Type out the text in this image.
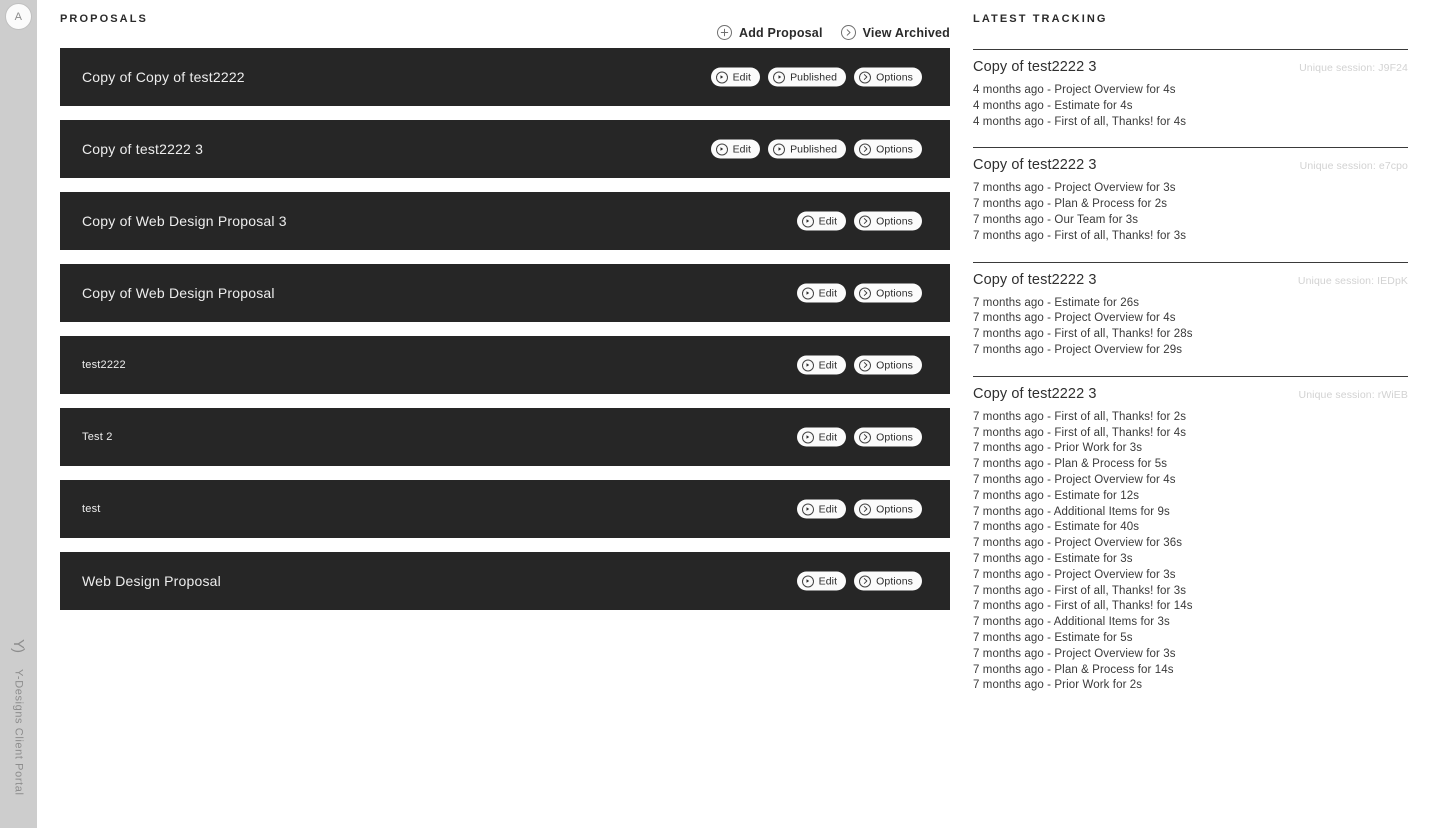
A
Y)
Y-Designs Client Portal
PROPOSALS
Add Proposal	View Archived
Copy of Copy of test2222	Edit	Published	Options
Copy of test2222 3	Edit	Published	Options
Copy of Web Design Proposal 3	Edit	Options
Copy of Web Design Proposal	Edit	Options
test2222	Edit	Options
Test 2	Edit	Options
test	Edit	Options
Web Design Proposal	Edit	Options
LATEST TRACKING
Copy of test2222 3	Unique session: J9F24
4 months ago - Project Overview for 4s
4 months ago - Estimate for 4s
4 months ago - First of all, Thanks! for 4s
Copy of test2222 3	Unique session: e7cpo
7 months ago - Project Overview for 3s
7 months ago - Plan & Process for 2s
7 months ago - Our Team for 3s
7 months ago - First of all, Thanks! for 3s
Copy of test2222 3	Unique session: IEDpK
7 months ago - Estimate for 26s
7 months ago - Project Overview for 4s
7 months ago - First of all, Thanks! for 28s
7 months ago - Project Overview for 29s
Copy of test2222 3	Unique session: rWiEB
7 months ago - First of all, Thanks! for 2s
7 months ago - First of all, Thanks! for 4s
7 months ago - Prior Work for 3s
7 months ago - Plan & Process for 5s
7 months ago - Project Overview for 4s
7 months ago - Estimate for 12s
7 months ago - Additional Items for 9s
7 months ago - Estimate for 40s
7 months ago - Project Overview for 36s
7 months ago - Estimate for 3s
7 months ago - Project Overview for 3s
7 months ago - First of all, Thanks! for 3s
7 months ago - First of all, Thanks! for 14s
7 months ago - Additional Items for 3s
7 months ago - Estimate for 5s
7 months ago - Project Overview for 3s
7 months ago - Plan & Process for 14s
7 months ago - Prior Work for 2s
